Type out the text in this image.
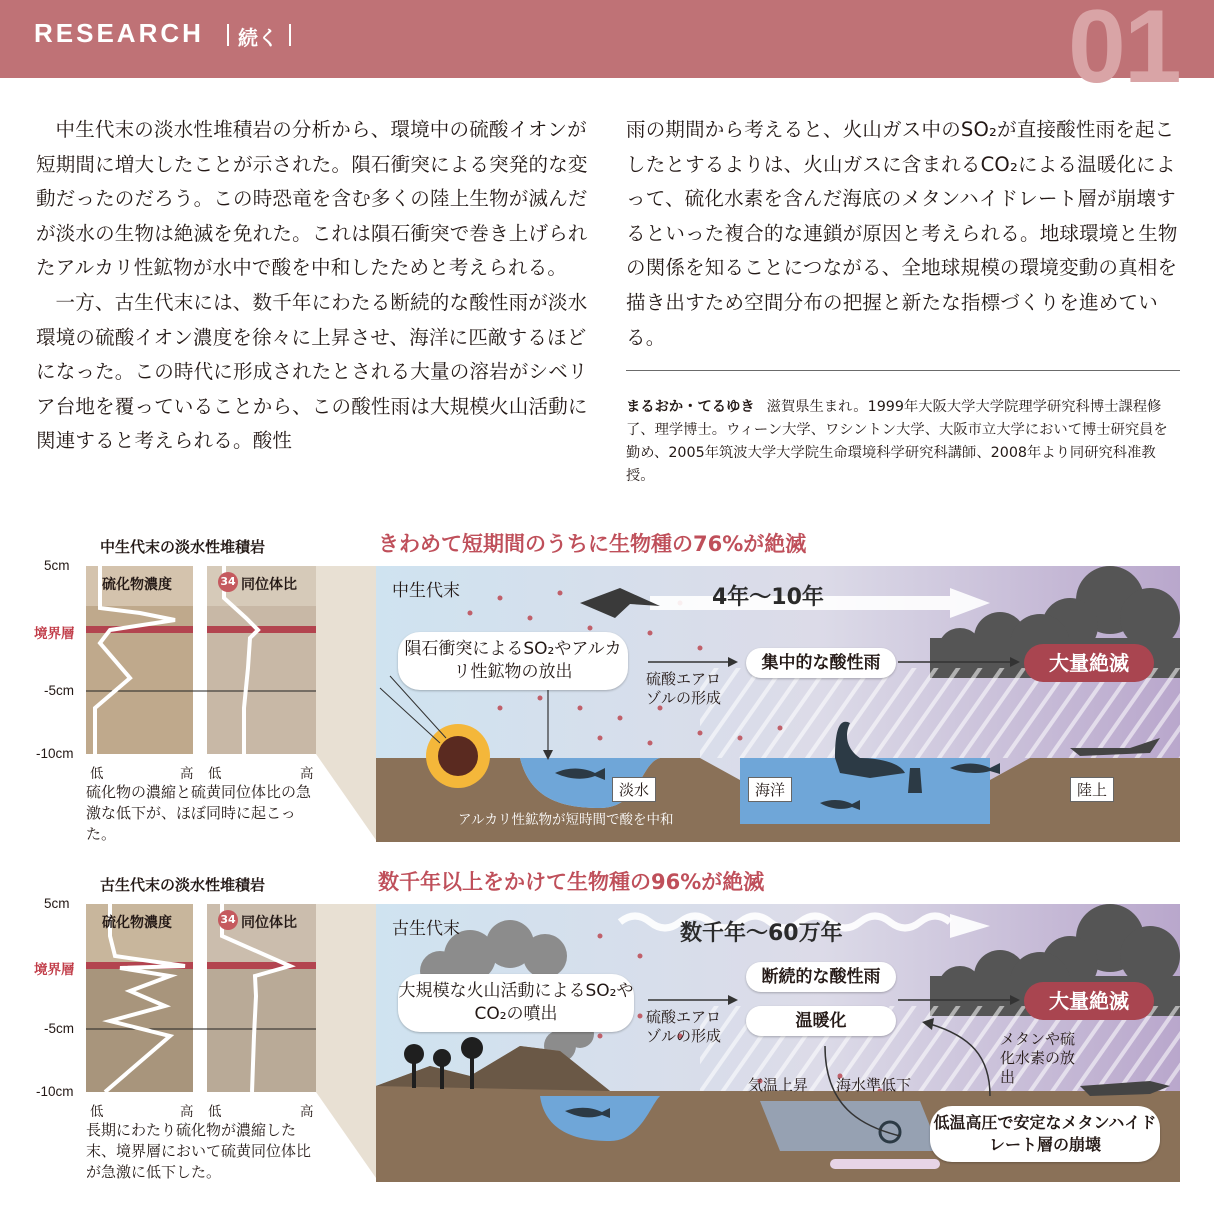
RESEARCH 続く	01

中生代末の淡水性堆積岩の分析から、環境中の硫酸イオンが短期間に増大したことが示された。隕石衝突による突発的な変動だったのだろう。この時恐竜を含む多くの陸上生物が滅んだが淡水の生物は絶滅を免れた。これは隕石衝突で巻き上げられたアルカリ性鉱物が水中で酸を中和したためと考えられる。

一方、古生代末には、数千年にわたる断続的な酸性雨が淡水環境の硫酸イオン濃度を徐々に上昇させ、海洋に匹敵するほどになった。この時代に形成されたとされる大量の溶岩がシベリア台地を覆っていることから、この酸性雨は大規模火山活動に関連すると考えられる。酸性

雨の期間から考えると、火山ガス中のSO₂が直接酸性雨を起こしたとするよりは、火山ガスに含まれるCO₂による温暖化によって、硫化水素を含んだ海底のメタンハイドレート層が崩壊するといった複合的な連鎖が原因と考えられる。地球環境と生物の関係を知ることにつながる、全地球規模の環境変動の真相を描き出すため空間分布の把握と新たな指標づくりを進めている。

まるおか・てるゆき 滋賀県生まれ。1999年大阪大学大学院理学研究科博士課程修了、理学博士。ウィーン大学、ワシントン大学、大阪市立大学において博士研究員を勤め、2005年筑波大学大学院生命環境科学研究科講師、2008年より同研究科准教授。
きわめて短期間のうちに生物種の76%が絶滅
中生代末の淡水性堆積岩
5cm
境界層
-5cm
-10cm
硫化物濃度	34 同位体比
低	高 低	高
硫化物の濃縮と硫黄同位体比の急激な低下が、ほぼ同時に起こった。
中生代末	4年〜10年
隕石衝突によるSO₂やアルカリ性鉱物の放出	硫酸エアロゾルの形成
集中的な酸性雨	大量絶滅
淡水	海洋	陸上
アルカリ性鉱物が短時間で酸を中和
数千年以上をかけて生物種の96%が絶滅
古生代末の淡水性堆積岩
5cm
境界層
-5cm
-10cm
硫化物濃度	34 同位体比
低	高 低	高
長期にわたり硫化物が濃縮した末、境界層において硫黄同位体比が急激に低下した。
古生代末	数千年〜60万年
大規模な火山活動によるSO₂やCO₂の噴出	硫酸エアロゾルの形成
断続的な酸性雨
温暖化
大量絶滅
メタンや硫化水素の放出
気温上昇 海水準低下
低温高圧で安定なメタンハイドレート層の崩壊
